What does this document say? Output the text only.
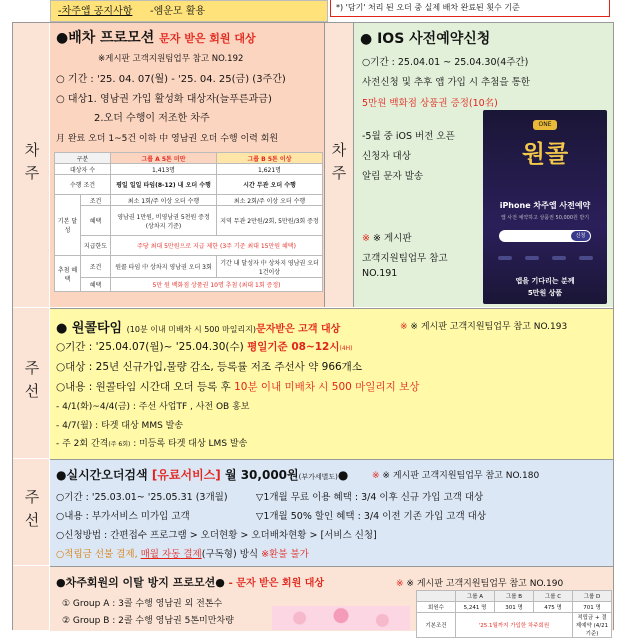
-차주앱 공지사항 -엠운모 활용	*) '담기' 처리 된 오더 중 실제 배차 완료된 횟수 기준
차주
주선
주선
●배차 프로모션 문자 받은 회원 대상
※게시판 고객지원팀업무 참고 NO.192
○ 기간 : '25. 04. 07(월) - '25. 04. 25(금) (3주간)
○ 대상1. 영남권 가입 활성화 대상자(늘푸른과금)
2.오더 수행이 저조한 차주
月 완료 오더 1~5건 이하 中 영남권 오더 수행 이력 회원
구분		그룹 A 5톤 미만	그룹 B 5톤 이상
대상자 수		1,413명	1,621명
수행 조건		평일 일일 타임(8-12) 내 오더 수행	시간 무관 오더 수행
기본 달성	조건	최소 1회/주 이상 오더 수행	최소 2회/주 이상 오더 수행
	혜택	영남권 1만원, 비영남권 5천원 증정 (상차지 기준)	지역 무관 2만원/2회, 5만원/3회 증정
	지급한도	주당 최대 5만원으로 지급 제한 (3주 기준 최대 15만원 혜택)	
추첨 혜택	조건	원콜 타임 中 상차지 영남권 오더 3회	기간 내 달성자 中 상차지 영남권 오더 1건이상
	혜택	5만 원 백화점 상품권 10명 추첨 (최대 1회 증정)	
차주
● IOS 사전예약신청
○기간 : 25.04.01 ~ 25.04.30(4주간)
사전신청 및 추후 앱 가입 시 추첨을 통한
5만원 백화점 상품권 증정(10名)
-5월 중 iOS 버전 오픈
신청자 대상
알림 문자 발송
※ ※ 게시판
고객지원팀업무 참고
NO.191
ONE
원콜
iPhone 차주앱 사전예약
앱 사전 예약하고 상품권 50,000원 받기
신청
앱을 기다리는 분께
5만원 상품
● 원콜타임 (10분 이내 미배차 시 500 마일리지)문자받은 고객 대상	※ ※ 게시판 고객지원팀업무 참고 NO.193
○기간 : '25.04.07(월)~ '25.04.30(수) 평일기준 08~12시(4H)
○대상 : 25년 신규가입,물량 감소, 등록률 저조 주선사 약 966개소
○내용 : 원콜타임 시간대 오더 등록 후 10분 이내 미배차 시 500 마일리지 보상
- 4/1(화)~4/4(금) : 주선 사업TF , 사전 OB 홍보
- 4/7(월) : 타겟 대상 MMS 발송
- 주 2회 간격(주 6회) : 미등록 타겟 대상 LMS 발송
●실시간오더검색 [유료서비스] 월 30,000원(부가세별도)●	※ ※ 게시판 고객지원팀업무 참고 NO.180
○기간 : '25.03.01~ '25.05.31 (3개월)	▽1개월 무료 이용 혜택 : 3/4 이후 신규 가입 고객 대상
○내용 : 부가서비스 미가입 고객	▽1개월 50% 할인 혜택 : 3/4 이전 기존 가입 고객 대상
○신청방법 : 간편접수 프로그램 > 오더현황 > 오더배차현황 > [서비스 신청]
○적립금 선불 결제, 매월 자동 결제(구독형) 방식 ※환불 불가
●차주회원의 이탈 방지 프로모션● - 문자 받은 회원 대상	※ ※ 게시판 고객지원팀업무 참고 NO.190
① Group A : 3콜 수행 영남권 외 전톤수
② Group B : 2콜 수행 영남권 5톤미만차량
	그룹 A	그룹 B	그룹 C	그룹 D
회원수	5,241 명	301 명	475 명	701 명
기본조건	'25.1월까지 가입한 차주회원			적립금 + 결제예약 (4/21 기준)
